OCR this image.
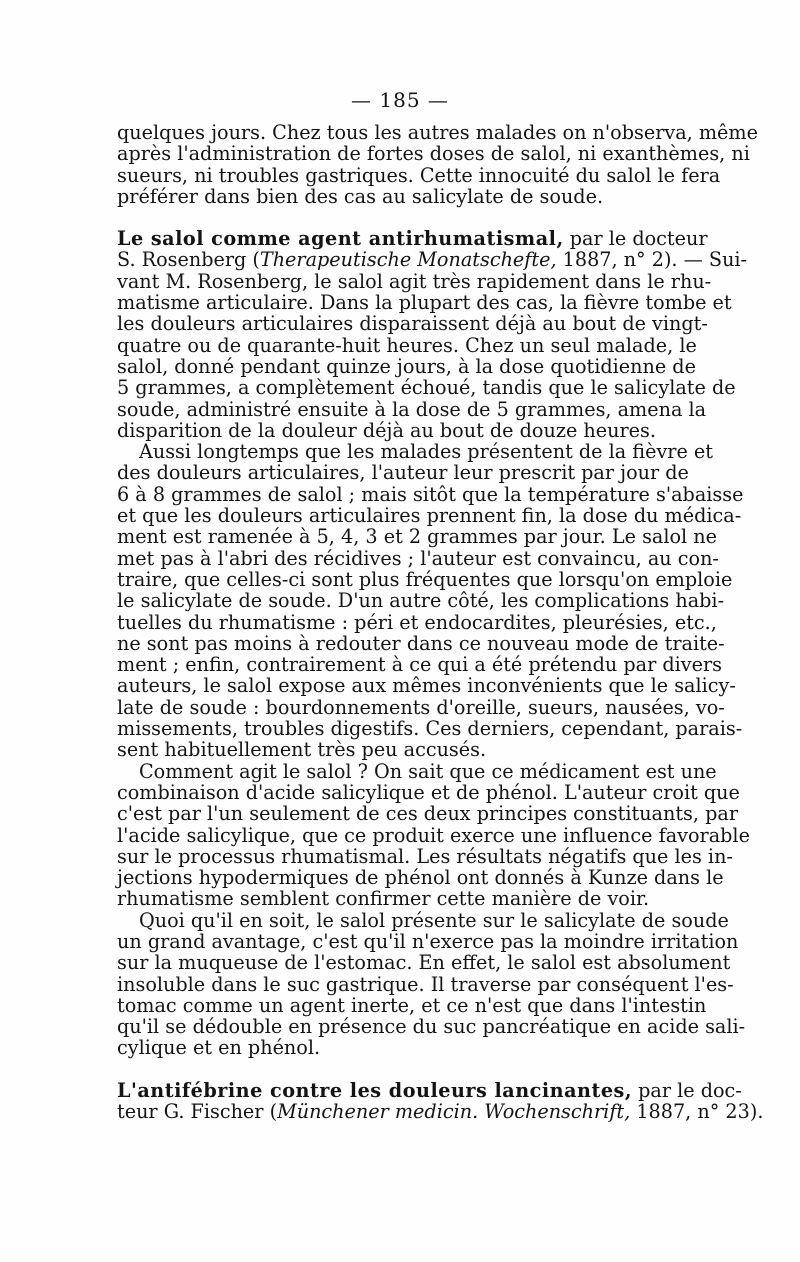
— 185 —

quelques jours. Chez tous les autres malades on n'observa, même
après l'administration de fortes doses de salol, ni exanthèmes, ni
sueurs, ni troubles gastriques. Cette innocuité du salol le fera
préférer dans bien des cas au salicylate de soude.

Le salol comme agent antirhumatismal, par le docteur
S. Rosenberg (Therapeutische Monatschefte, 1887, n° 2). — Sui-
vant M. Rosenberg, le salol agit très rapidement dans le rhu-
matisme articulaire. Dans la plupart des cas, la fièvre tombe et
les douleurs articulaires disparaissent déjà au bout de vingt-
quatre ou de quarante-huit heures. Chez un seul malade, le
salol, donné pendant quinze jours, à la dose quotidienne de
5 grammes, a complètement échoué, tandis que le salicylate de
soude, administré ensuite à la dose de 5 grammes, amena la
disparition de la douleur déjà au bout de douze heures.

Aussi longtemps que les malades présentent de la fièvre et
des douleurs articulaires, l'auteur leur prescrit par jour de
6 à 8 grammes de salol ; mais sitôt que la température s'abaisse
et que les douleurs articulaires prennent fin, la dose du médica-
ment est ramenée à 5, 4, 3 et 2 grammes par jour. Le salol ne
met pas à l'abri des récidives ; l'auteur est convaincu, au con-
traire, que celles-ci sont plus fréquentes que lorsqu'on emploie
le salicylate de soude. D'un autre côté, les complications habi-
tuelles du rhumatisme : péri et endocardites, pleurésies, etc.,
ne sont pas moins à redouter dans ce nouveau mode de traite-
ment ; enfin, contrairement à ce qui a été prétendu par divers
auteurs, le salol expose aux mêmes inconvénients que le salicy-
late de soude : bourdonnements d'oreille, sueurs, nausées, vo-
missements, troubles digestifs. Ces derniers, cependant, parais-
sent habituellement très peu accusés.

Comment agit le salol ? On sait que ce médicament est une
combinaison d'acide salicylique et de phénol. L'auteur croit que
c'est par l'un seulement de ces deux principes constituants, par
l'acide salicylique, que ce produit exerce une influence favorable
sur le processus rhumatismal. Les résultats négatifs que les in-
jections hypodermiques de phénol ont donnés à Kunze dans le
rhumatisme semblent confirmer cette manière de voir.

Quoi qu'il en soit, le salol présente sur le salicylate de soude
un grand avantage, c'est qu'il n'exerce pas la moindre irritation
sur la muqueuse de l'estomac. En effet, le salol est absolument
insoluble dans le suc gastrique. Il traverse par conséquent l'es-
tomac comme un agent inerte, et ce n'est que dans l'intestin
qu'il se dédouble en présence du suc pancréatique en acide sali-
cylique et en phénol.

L'antifébrine contre les douleurs lancinantes, par le doc-
teur G. Fischer (Münchener medicin. Wochenschrift, 1887, n° 23).
